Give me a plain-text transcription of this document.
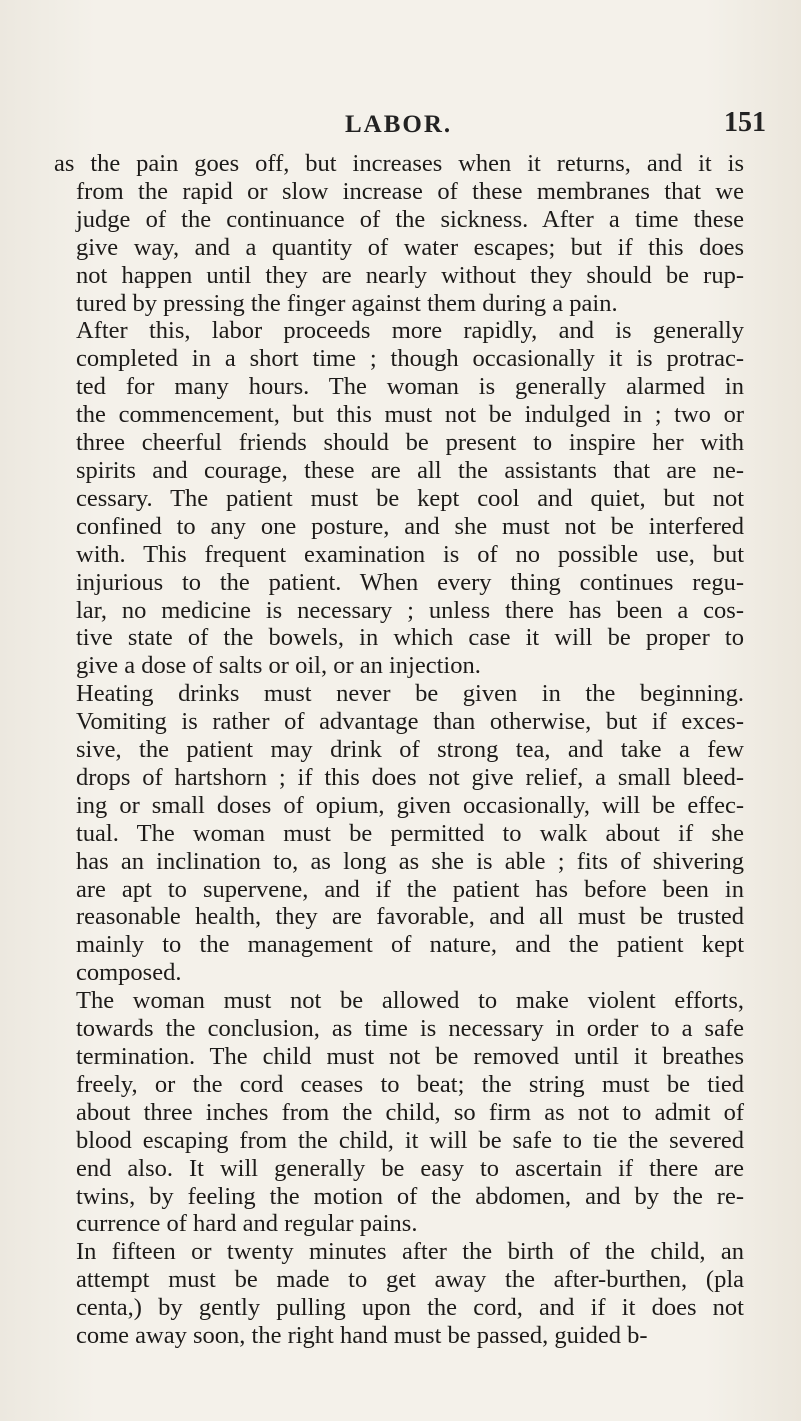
LABOR.	151

as the pain goes off, but increases when it returns, and it is

from the rapid or slow increase of these membranes that we

judge of the continuance of the sickness. After a time these

give way, and a quantity of water escapes; but if this does

not happen until they are nearly without they should be rup-

tured by pressing the finger against them during a pain.

After this, labor proceeds more rapidly, and is generally

completed in a short time ; though occasionally it is protrac-

ted for many hours. The woman is generally alarmed in

the commencement, but this must not be indulged in ; two or

three cheerful friends should be present to inspire her with

spirits and courage, these are all the assistants that are ne-

cessary. The patient must be kept cool and quiet, but not

confined to any one posture, and she must not be interfered

with. This frequent examination is of no possible use, but

injurious to the patient. When every thing continues regu-

lar, no medicine is necessary ; unless there has been a cos-

tive state of the bowels, in which case it will be proper to

give a dose of salts or oil, or an injection.

Heating drinks must never be given in the beginning.

Vomiting is rather of advantage than otherwise, but if exces-

sive, the patient may drink of strong tea, and take a few

drops of hartshorn ; if this does not give relief, a small bleed-

ing or small doses of opium, given occasionally, will be effec-

tual. The woman must be permitted to walk about if she

has an inclination to, as long as she is able ; fits of shivering

are apt to supervene, and if the patient has before been in

reasonable health, they are favorable, and all must be trusted

mainly to the management of nature, and the patient kept

composed.

The woman must not be allowed to make violent efforts,

towards the conclusion, as time is necessary in order to a safe

termination. The child must not be removed until it breathes

freely, or the cord ceases to beat; the string must be tied

about three inches from the child, so firm as not to admit of

blood escaping from the child, it will be safe to tie the severed

end also. It will generally be easy to ascertain if there are

twins, by feeling the motion of the abdomen, and by the re-

currence of hard and regular pains.

In fifteen or twenty minutes after the birth of the child, an

attempt must be made to get away the after-burthen, (pla

centa,) by gently pulling upon the cord, and if it does not

come away soon, the right hand must be passed, guided b-
